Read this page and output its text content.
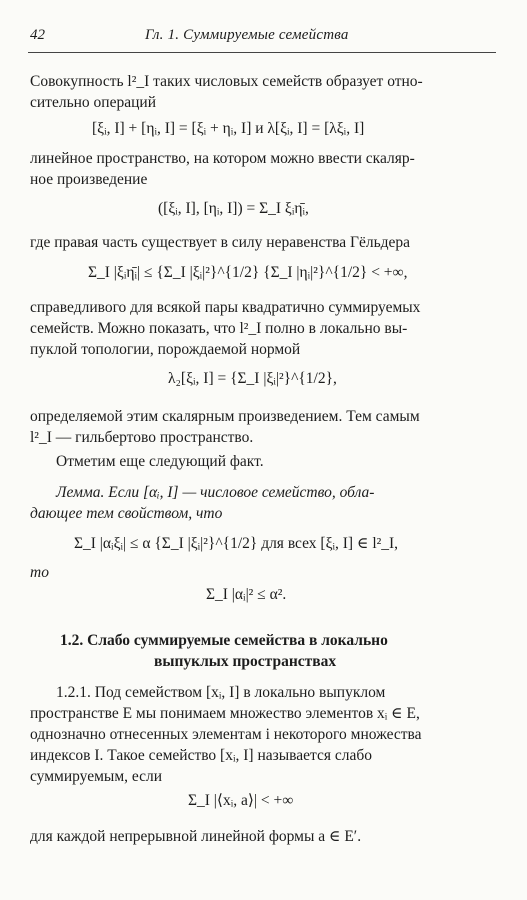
42	Гл. 1. Суммируемые семейства
Совокупность l²_I таких числовых семейств образует отно-
сительно операций
[ξᵢ, I] + [ηᵢ, I] = [ξᵢ + ηᵢ, I] и λ[ξᵢ, I] = [λξᵢ, I]
линейное пространство, на котором можно ввести скаляр-
ное произведение
([ξᵢ, I], [ηᵢ, I]) = Σ_I ξᵢη̄ᵢ,
где правая часть существует в силу неравенства Гёльдера
Σ_I |ξᵢη̄ᵢ| ≤ {Σ_I |ξᵢ|²}^{1/2} {Σ_I |ηᵢ|²}^{1/2} < +∞,
справедливого для всякой пары квадратично суммируемых
семейств. Можно показать, что l²_I полно в локально вы-
пуклой топологии, порождаемой нормой
λ₂[ξᵢ, I] = {Σ_I |ξᵢ|²}^{1/2},
определяемой этим скалярным произведением. Тем самым
l²_I — гильбертово пространство.
Отметим еще следующий факт.
Лемма. Если [αᵢ, I] — числовое семейство, обла-
дающее тем свойством, что
Σ_I |αᵢξᵢ| ≤ α {Σ_I |ξᵢ|²}^{1/2} для всех [ξᵢ, I] ∈ l²_I,
то
Σ_I |αᵢ|² ≤ α².
1.2. Слабо суммируемые семейства в локально
выпуклых пространствах
1.2.1. Под семейством [xᵢ, I] в локально выпуклом
пространстве E мы понимаем множество элементов xᵢ ∈ E,
однозначно отнесенных элементам i некоторого множества
индексов I. Такое семейство [xᵢ, I] называется слабо
суммируемым, если
Σ_I |⟨xᵢ, a⟩| < +∞
для каждой непрерывной линейной формы a ∈ E′.
